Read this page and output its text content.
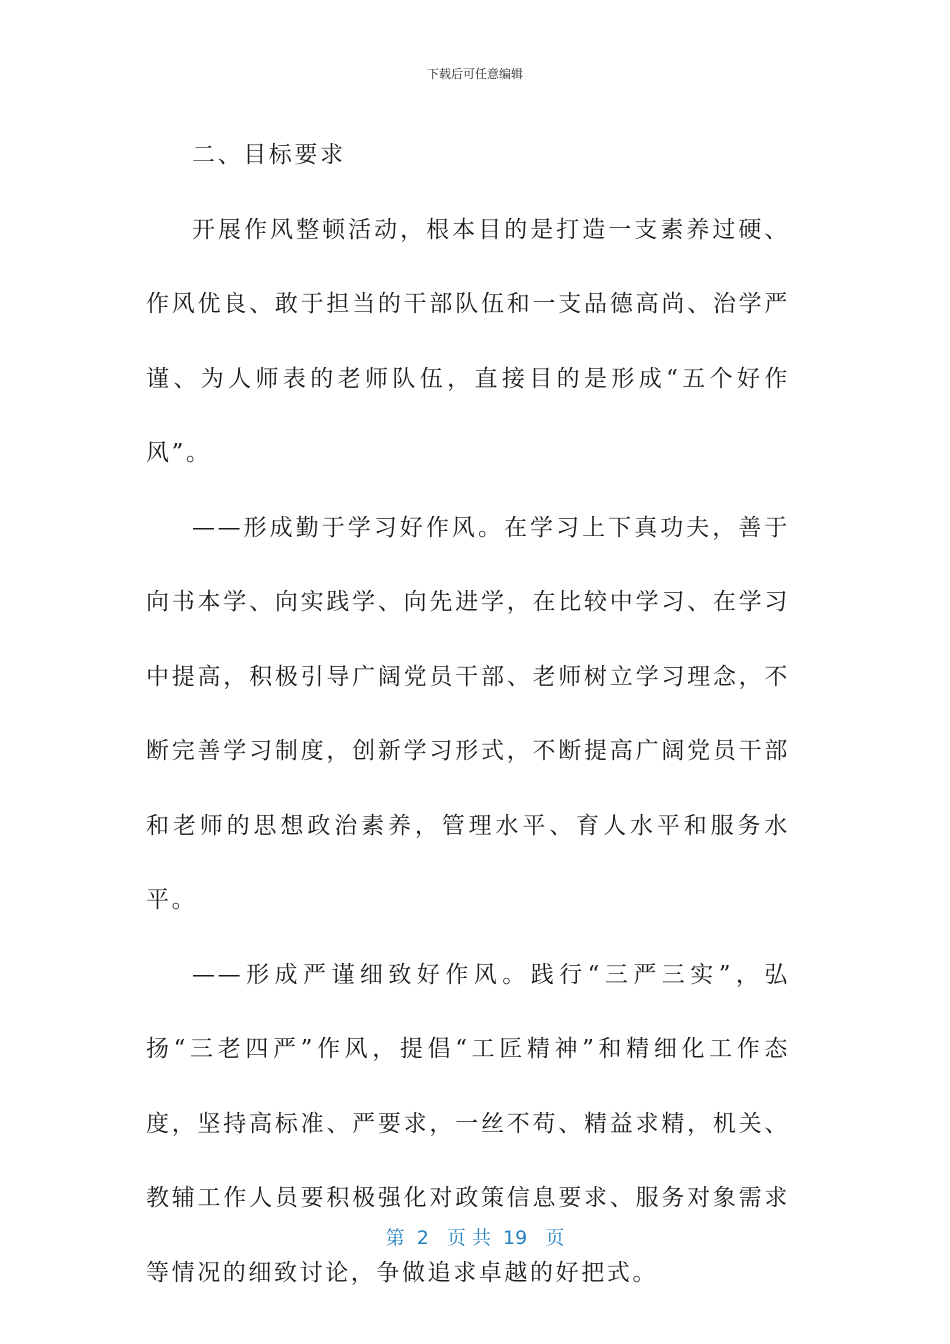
下载后可任意编辑

二、目标要求

开展作风整顿活动，根本目的是打造一支素养过硬、作风优良、敢于担当的干部队伍和一支品德高尚、治学严谨、为人师表的老师队伍，直接目的是形成“五个好作风”。

——形成勤于学习好作风。在学习上下真功夫，善于向书本学、向实践学、向先进学，在比较中学习、在学习中提高，积极引导广阔党员干部、老师树立学习理念，不断完善学习制度，创新学习形式，不断提高广阔党员干部和老师的思想政治素养，管理水平、育人水平和服务水平。

——形成严谨细致好作风。践行“三严三实”，弘扬“三老四严”作风，提倡“工匠精神”和精细化工作态度，坚持高标准、严要求，一丝不苟、精益求精，机关、教辅工作人员要积极强化对政策信息要求、服务对象需求等情况的细致讨论，争做追求卓越的好把式。

第  2   页 共  19   页
